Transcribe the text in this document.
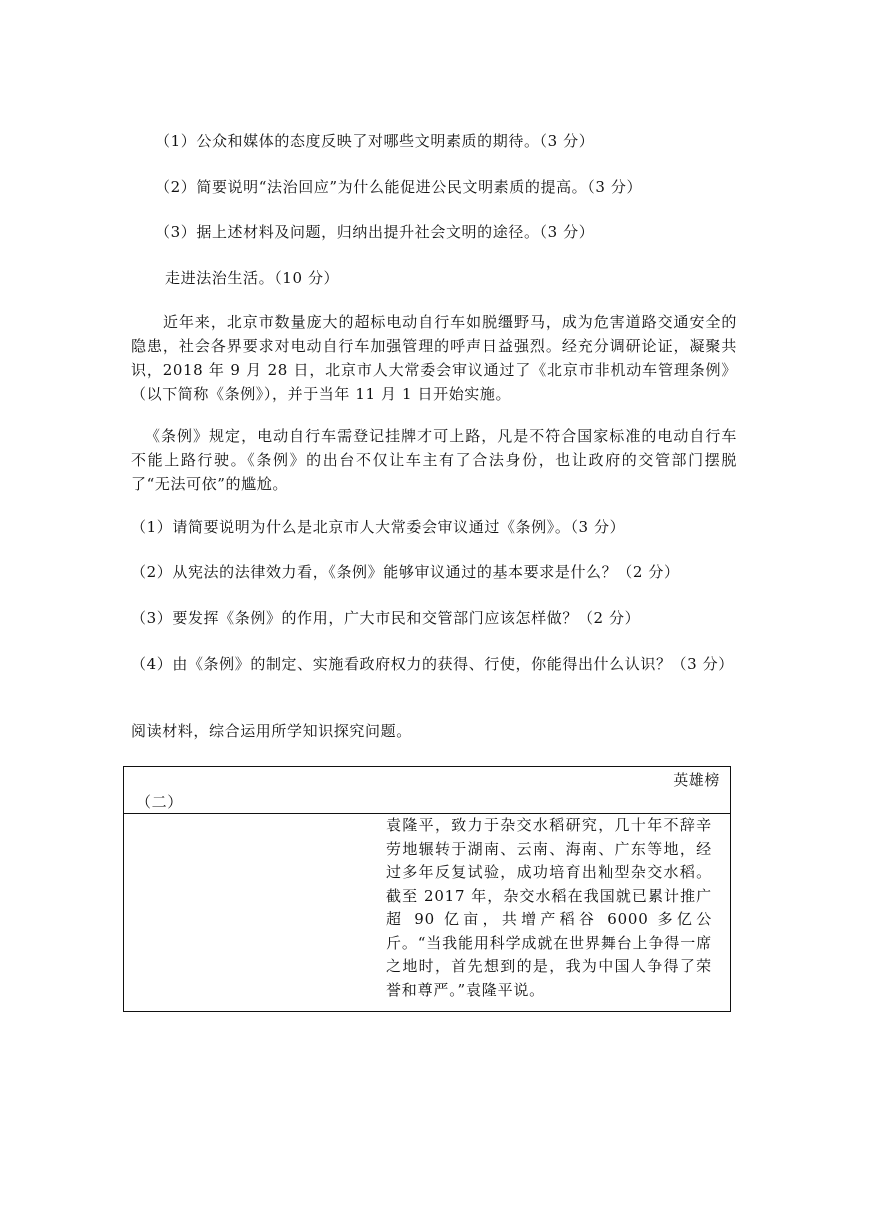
（1）公众和媒体的态度反映了对哪些文明素质的期待。（3 分）
（2）简要说明“法治回应”为什么能促进公民文明素质的提高。（3 分）
（3）据上述材料及问题，归纳出提升社会文明的途径。（3 分）
走进法治生活。（10 分）
近年来，北京市数量庞大的超标电动自行车如脱缰野马，成为危害道路交通安全的隐患，社会各界要求对电动自行车加强管理的呼声日益强烈。经充分调研论证，凝聚共识，2018 年 9 月 28 日，北京市人大常委会审议通过了《北京市非机动车管理条例》（以下简称《条例》），并于当年 11 月 1 日开始实施。
《条例》规定，电动自行车需登记挂牌才可上路，凡是不符合国家标准的电动自行车不能上路行驶。《条例》的出台不仅让车主有了合法身份，也让政府的交管部门摆脱了“无法可依”的尴尬。
（1）请简要说明为什么是北京市人大常委会审议通过《条例》。（3 分）
（2）从宪法的法律效力看，《条例》能够审议通过的基本要求是什么？（2 分）
（3）要发挥《条例》的作用，广大市民和交管部门应该怎样做？（2 分）
（4）由《条例》的制定、实施看政府权力的获得、行使，你能得出什么认识？（3 分）
阅读材料，综合运用所学知识探究问题。
英雄榜
（二）
袁隆平，致力于杂交水稻研究，几十年不辞辛劳地辗转于湖南、云南、海南、广东等地，经过多年反复试验，成功培育出籼型杂交水稻。截至 2017 年，杂交水稻在我国就已累计推广超 90 亿亩，共增产稻谷 6000 多亿公斤。“当我能用科学成就在世界舞台上争得一席之地时，首先想到的是，我为中国人争得了荣誉和尊严。”袁隆平说。
